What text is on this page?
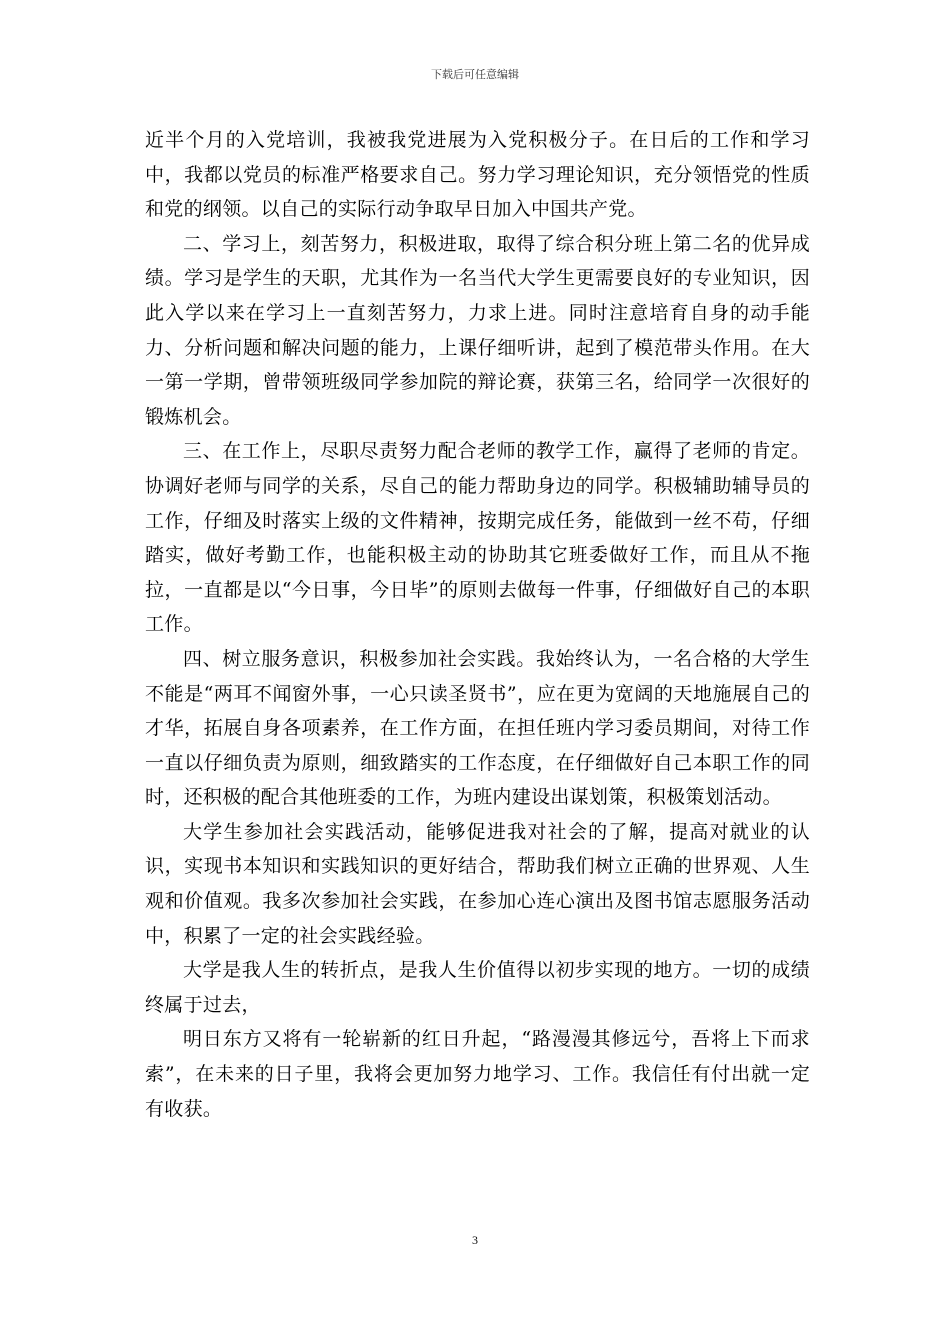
下载后可任意编辑

近半个月的入党培训，我被我党进展为入党积极分子。在日后的工作和学习中，我都以党员的标准严格要求自己。努力学习理论知识，充分领悟党的性质和党的纲领。以自己的实际行动争取早日加入中国共产党。

二、学习上，刻苦努力，积极进取，取得了综合积分班上第二名的优异成绩。学习是学生的天职，尤其作为一名当代大学生更需要良好的专业知识，因此入学以来在学习上一直刻苦努力，力求上进。同时注意培育自身的动手能力、分析问题和解决问题的能力，上课仔细听讲，起到了模范带头作用。在大一第一学期，曾带领班级同学参加院的辩论赛，获第三名，给同学一次很好的锻炼机会。

三、在工作上，尽职尽责努力配合老师的教学工作，赢得了老师的肯定。协调好老师与同学的关系，尽自己的能力帮助身边的同学。积极辅助辅导员的工作，仔细及时落实上级的文件精神，按期完成任务，能做到一丝不苟，仔细踏实，做好考勤工作，也能积极主动的协助其它班委做好工作，而且从不拖拉，一直都是以“今日事，今日毕”的原则去做每一件事，仔细做好自己的本职工作。

四、树立服务意识，积极参加社会实践。我始终认为，一名合格的大学生不能是“两耳不闻窗外事，一心只读圣贤书”，应在更为宽阔的天地施展自己的才华，拓展自身各项素养，在工作方面，在担任班内学习委员期间，对待工作一直以仔细负责为原则，细致踏实的工作态度，在仔细做好自己本职工作的同时，还积极的配合其他班委的工作，为班内建设出谋划策，积极策划活动。

大学生参加社会实践活动，能够促进我对社会的了解，提高对就业的认识，实现书本知识和实践知识的更好结合，帮助我们树立正确的世界观、人生观和价值观。我多次参加社会实践，在参加心连心演出及图书馆志愿服务活动中，积累了一定的社会实践经验。

大学是我人生的转折点，是我人生价值得以初步实现的地方。一切的成绩终属于过去，

明日东方又将有一轮崭新的红日升起，“路漫漫其修远兮，吾将上下而求索”，在未来的日子里，我将会更加努力地学习、工作。我信任有付出就一定有收获。

3
